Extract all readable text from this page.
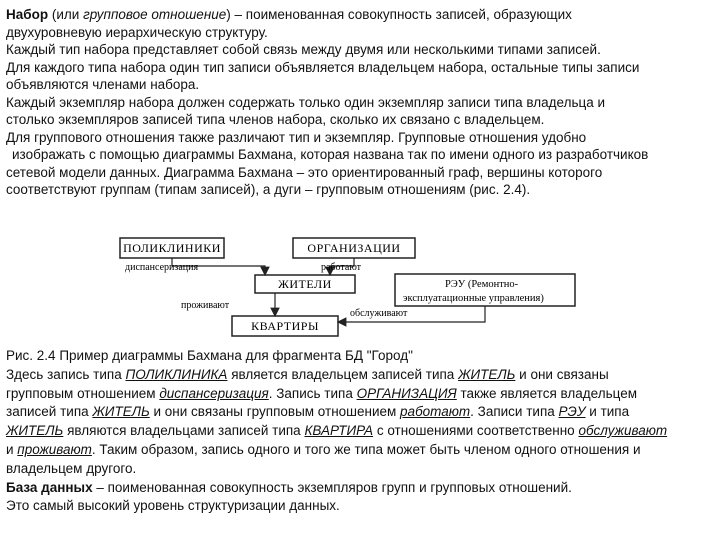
Набор (или групповое отношение) – поименованная совокупность записей, образующих

двухуровневую иерархическую структуру.

Каждый тип набора представляет собой связь между двумя или несколькими типами записей.

Для каждого типа набора один тип записи объявляется владельцем набора, остальные типы записи

объявляются членами набора.

Каждый экземпляр набора должен содержать только один экземпляр записи типа владельца и

столько экземпляров записей типа членов набора, сколько их связано с владельцем.

Для группового отношения также различают тип и экземпляр. Групповые отношения удобно

изображать с помощью диаграммы Бахмана, которая названа так по имени одного из разработчиков

сетевой модели данных. Диаграмма Бахмана – это ориентированный граф, вершины которого

соответствуют группам (типам записей), а дуги – групповым отношениям (рис. 2.4).

ПОЛИКЛИНИКИ	ОРГАНИЗАЦИИ
ЖИТЕЛИ	РЭУ (Ремонтно-
эксплуатационные управления)
КВАРТИРЫ
диспансеризация	работают
проживают
обслуживают

Рис. 2.4 Пример диаграммы Бахмана для фрагмента БД "Город"

Здесь запись типа ПОЛИКЛИНИКА является владельцем записей типа ЖИТЕЛЬ и они связаны

групповым отношением диспансеризация. Запись типа ОРГАНИЗАЦИЯ также является владельцем

записей типа ЖИТЕЛЬ и они связаны групповым отношением работают. Записи типа РЭУ и типа

ЖИТЕЛЬ являются владельцами записей типа КВАРТИРА с отношениями соответственно обслуживают

и проживают. Таким образом, запись одного и того же типа может быть членом одного отношения и

владельцем другого.

База данных – поименованная совокупность экземпляров групп и групповых отношений.

Это самый высокий уровень структуризации данных.
